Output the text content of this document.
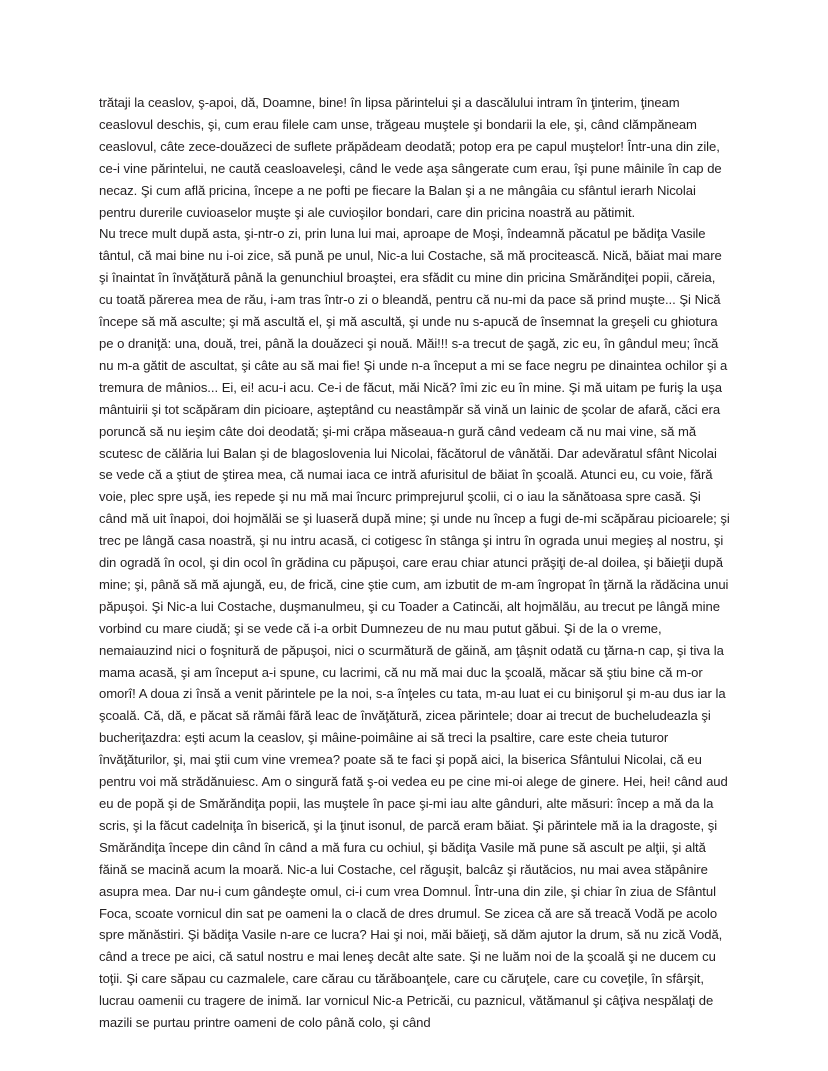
trătaji la ceaslov, ş-apoi, dă, Doamne, bine! în lipsa părintelui şi a dascălului intram în ţinterim, ţineam ceaslovul deschis, şi, cum erau filele cam unse, trăgeau muştele şi bondarii la ele, şi, când clămpăneam ceaslovul, câte zece-douăzeci de suflete prăpădeam deodată; potop era pe capul muştelor! Într-una din zile, ce-i vine părintelui, ne caută ceasloaveleşi, când le vede aşa sângerate cum erau, îşi pune mâinile în cap de necaz. Şi cum află pricina, începe a ne pofti pe fiecare la Balan şi a ne mângâia cu sfântul ierarh Nicolai pentru durerile cuvioaselor muşte şi ale cuvioşilor bondari, care din pricina noastră au pătimit.

Nu trece mult după asta, şi-ntr-o zi, prin luna lui mai, aproape de Moşi, îndeamnă păcatul pe bădiţa Vasile tântul, că mai bine nu i-oi zice, să pună pe unul, Nic-a lui Costache, să mă procitească. Nică, băiat mai mare şi înaintat în învăţătură până la genunchiul broaştei, era sfădit cu mine din pricina Smărăndiţei popii, căreia, cu toată părerea mea de rău, i-am tras într-o zi o bleandă, pentru că nu-mi da pace să prind muşte... Şi Nică începe să mă asculte; şi mă ascultă el, şi mă ascultă, şi unde nu s-apucă de însemnat la greşeli cu ghiotura pe o draniţă: una, două, trei, până la douăzeci şi nouă. Măi!!! s-a trecut de şagă, zic eu, în gândul meu; încă nu m-a gătit de ascultat, şi câte au să mai fie! Şi unde n-a început a mi se face negru pe dinaintea ochilor şi a tremura de mânios... Ei, ei! acu-i acu. Ce-i de făcut, măi Nică? îmi zic eu în mine. Şi mă uitam pe furiş la uşa mântuirii şi tot scăpăram din picioare, aşteptând cu neastâmpăr să vină un lainic de şcolar de afară, căci era poruncă să nu ieşim câte doi deodată; şi-mi crăpa măseaua-n gură când vedeam că nu mai vine, să mă scutesc de călăria lui Balan şi de blagoslovenia lui Nicolai, făcătorul de vânătăi. Dar adevăratul sfânt Nicolai se vede că a ştiut de ştirea mea, că numai iaca ce intră afurisitul de băiat în şcoală. Atunci eu, cu voie, fără voie, plec spre uşă, ies repede şi nu mă mai încurc primprejurul şcolii, ci o iau la sănătoasa spre casă. Şi când mă uit înapoi, doi hojmălăi se şi luaseră după mine; şi unde nu încep a fugi de-mi scăpărau picioarele; şi trec pe lângă casa noastră, şi nu intru acasă, ci cotigesc în stânga şi intru în ograda unui megieş al nostru, şi din ogradă în ocol, şi din ocol în grădina cu păpuşoi, care erau chiar atunci prăşiţi de-al doilea, şi băieţii după mine; şi, până să mă ajungă, eu, de frică, cine ştie cum, am izbutit de m-am îngropat în ţărnă la rădăcina unui păpuşoi. Şi Nic-a lui Costache, duşmanulmeu, şi cu Toader a Catincăi, alt hojmălău, au trecut pe lângă mine vorbind cu mare ciudă; şi se vede că i-a orbit Dumnezeu de nu mau putut găbui. Şi de la o vreme, nemaiauzind nici o foşnitură de păpuşoi, nici o scurmătură de găină, am ţâşnit odată cu ţărna-n cap, şi tiva la mama acasă, şi am început a-i spune, cu lacrimi, că nu mă mai duc la şcoală, măcar să ştiu bine că m-or omorî! A doua zi însă a venit părintele pe la noi, s-a înţeles cu tata, m-au luat ei cu binişorul şi m-au dus iar la şcoală. Că, dă, e păcat să rămâi fără leac de învăţătură, zicea părintele; doar ai trecut de bucheludeazla şi bucheriţazdra: eşti acum la ceaslov, şi mâine-poimâine ai să treci la psaltire, care este cheia tuturor învăţăturilor, şi, mai ştii cum vine vremea? poate să te faci şi popă aici, la biserica Sfântului Nicolai, că eu pentru voi mă strădănuiesc. Am o singură fată ş-oi vedea eu pe cine mi-oi alege de ginere. Hei, hei! când aud eu de popă şi de Smărăndiţa popii, las muştele în pace şi-mi iau alte gânduri, alte măsuri: încep a mă da la scris, şi la făcut cadelniţa în biserică, şi la ţinut isonul, de parcă eram băiat. Şi părintele mă ia la dragoste, şi Smărăndiţa începe din când în când a mă fura cu ochiul, şi bădiţa Vasile mă pune să ascult pe alţii, şi altă făină se macină acum la moară. Nic-a lui Costache, cel răguşit, balcâz şi răutăcios, nu mai avea stăpânire asupra mea. Dar nu-i cum gândeşte omul, ci-i cum vrea Domnul. Într-una din zile, şi chiar în ziua de Sfântul Foca, scoate vornicul din sat pe oameni la o clacă de dres drumul. Se zicea că are să treacă Vodă pe acolo spre mănăstiri. Şi bădiţa Vasile n-are ce lucra? Hai şi noi, măi băieţi, să dăm ajutor la drum, să nu zică Vodă, când a trece pe aici, că satul nostru e mai leneş decât alte sate. Şi ne luăm noi de la şcoală şi ne ducem cu toţii. Şi care săpau cu cazmalele, care cărau cu tărăboanţele, care cu căruţele, care cu coveţile, în sfârşit, lucrau oamenii cu tragere de inimă. Iar vornicul Nic-a Petricăi, cu paznicul, vătămanul şi câţiva nespălaţi de mazili se purtau printre oameni de colo până colo, şi când
